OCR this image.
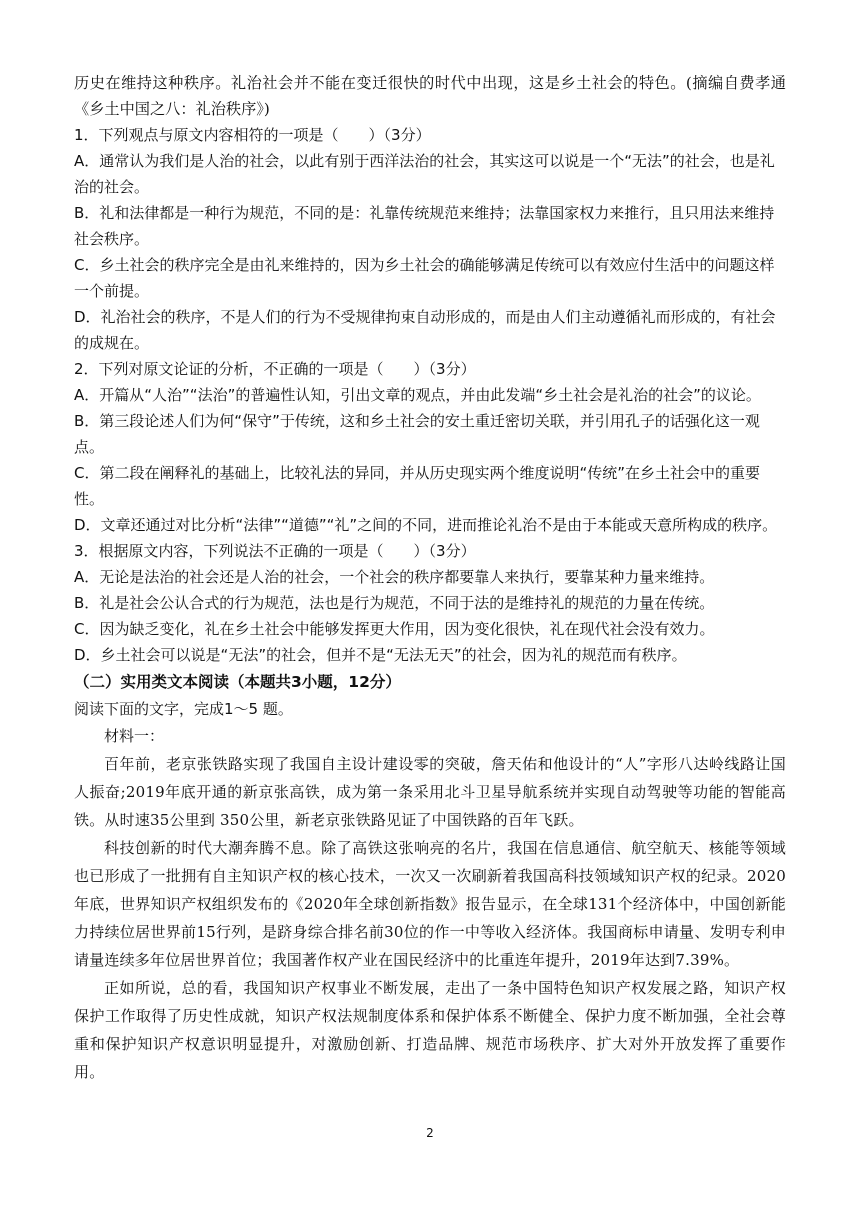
历史在维持这种秩序。礼治社会并不能在变迁很快的时代中出现，这是乡土社会的特色。(摘编自费孝通《乡土中国之八：礼治秩序》)

1．下列观点与原文内容相符的一项是（　　）（3分）

A．通常认为我们是人治的社会，以此有别于西洋法治的社会，其实这可以说是一个“无法”的社会，也是礼治的社会。

B．礼和法律都是一种行为规范，不同的是：礼靠传统规范来维持；法靠国家权力来推行，且只用法来维持社会秩序。

C．乡土社会的秩序完全是由礼来维持的，因为乡土社会的确能够满足传统可以有效应付生活中的问题这样一个前提。

D．礼治社会的秩序，不是人们的行为不受规律拘束自动形成的，而是由人们主动遵循礼而形成的，有社会的成规在。

2．下列对原文论证的分析，不正确的一项是（　　）（3分）

A．开篇从“人治”“法治”的普遍性认知，引出文章的观点，并由此发端“乡土社会是礼治的社会”的议论。

B．第三段论述人们为何“保守”于传统，这和乡土社会的安土重迁密切关联，并引用孔子的话强化这一观点。

C．第二段在阐释礼的基础上，比较礼法的异同，并从历史现实两个维度说明“传统”在乡土社会中的重要性。

D．文章还通过对比分析“法律”“道德”“礼”之间的不同，进而推论礼治不是由于本能或天意所构成的秩序。

3．根据原文内容，下列说法不正确的一项是（　　）（3分）

A．无论是法治的社会还是人治的社会，一个社会的秩序都要靠人来执行，要靠某种力量来维持。

B．礼是社会公认合式的行为规范，法也是行为规范，不同于法的是维持礼的规范的力量在传统。

C．因为缺乏变化，礼在乡土社会中能够发挥更大作用，因为变化很快，礼在现代社会没有效力。

D．乡土社会可以说是“无法”的社会，但并不是“无法无天”的社会，因为礼的规范而有秩序。

（二）实用类文本阅读（本题共3小题，12分）

阅读下面的文字，完成1～5 题。

材料一：

百年前，老京张铁路实现了我国自主设计建设零的突破，詹天佑和他设计的“人”字形八达岭线路让国人振奋;2019年底开通的新京张高铁，成为第一条采用北斗卫星导航系统并实现自动驾驶等功能的智能高铁。从时速35公里到 350公里，新老京张铁路见证了中国铁路的百年飞跃。

科技创新的时代大潮奔腾不息。除了高铁这张响亮的名片，我国在信息通信、航空航天、核能等领域也已形成了一批拥有自主知识产权的核心技术，一次又一次刷新着我国高科技领域知识产权的纪录。2020年底，世界知识产权组织发布的《2020年全球创新指数》报告显示，在全球131个经济体中，中国创新能力持续位居世界前15行列，是跻身综合排名前30位的作一中等收入经济体。我国商标申请量、发明专利申请量连续多年位居世界首位；我国著作权产业在国民经济中的比重连年提升，2019年达到7.39%。

正如所说，总的看，我国知识产权事业不断发展，走出了一条中国特色知识产权发展之路，知识产权保护工作取得了历史性成就，知识产权法规制度体系和保护体系不断健全、保护力度不断加强，全社会尊重和保护知识产权意识明显提升，对激励创新、打造品牌、规范市场秩序、扩大对外开放发挥了重要作用。

2
